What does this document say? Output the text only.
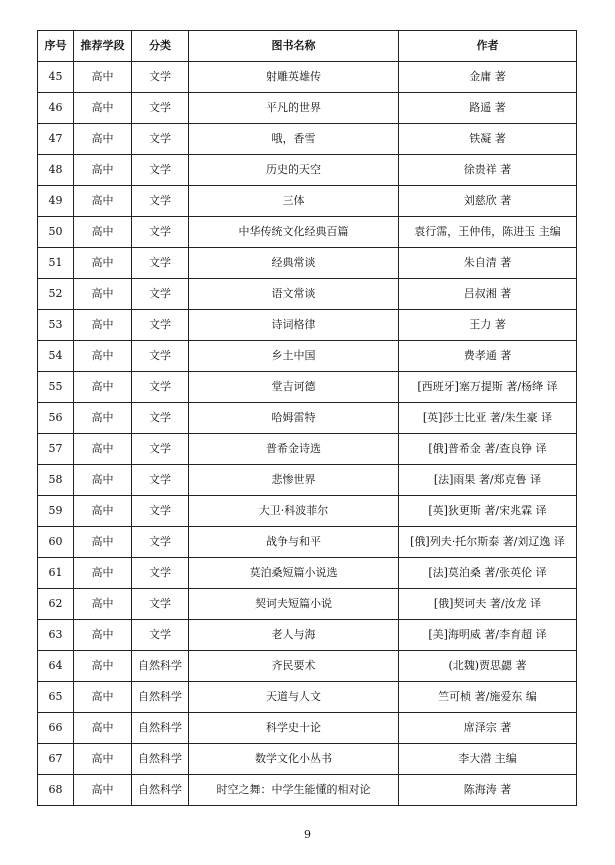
序号	推荐学段	分类	图书名称	作者
45	高中	文学	射雕英雄传	金庸 著
46	高中	文学	平凡的世界	路遥 著
47	高中	文学	哦，香雪	铁凝 著
48	高中	文学	历史的天空	徐贵祥 著
49	高中	文学	三体	刘慈欣 著
50	高中	文学	中华传统文化经典百篇	袁行霈，王仲伟，陈进玉 主编
51	高中	文学	经典常谈	朱自清 著
52	高中	文学	语文常谈	吕叔湘 著
53	高中	文学	诗词格律	王力 著
54	高中	文学	乡土中国	费孝通 著
55	高中	文学	堂吉诃德	[西班牙]塞万提斯 著/杨绛 译
56	高中	文学	哈姆雷特	[英]莎士比亚 著/朱生豪 译
57	高中	文学	普希金诗选	[俄]普希金 著/查良铮 译
58	高中	文学	悲惨世界	[法]雨果 著/郑克鲁 译
59	高中	文学	大卫·科波菲尔	[英]狄更斯 著/宋兆霖 译
60	高中	文学	战争与和平	[俄]列夫·托尔斯泰 著/刘辽逸 译
61	高中	文学	莫泊桑短篇小说选	[法]莫泊桑 著/张英伦 译
62	高中	文学	契诃夫短篇小说	[俄]契诃夫 著/汝龙 译
63	高中	文学	老人与海	[美]海明威 著/李育超 译
64	高中	自然科学	齐民要术	(北魏)贾思勰 著
65	高中	自然科学	天道与人文	竺可桢 著/施爱东 编
66	高中	自然科学	科学史十论	席泽宗 著
67	高中	自然科学	数学文化小丛书	李大潜 主编
68	高中	自然科学	时空之舞：中学生能懂的相对论	陈海涛 著
9
